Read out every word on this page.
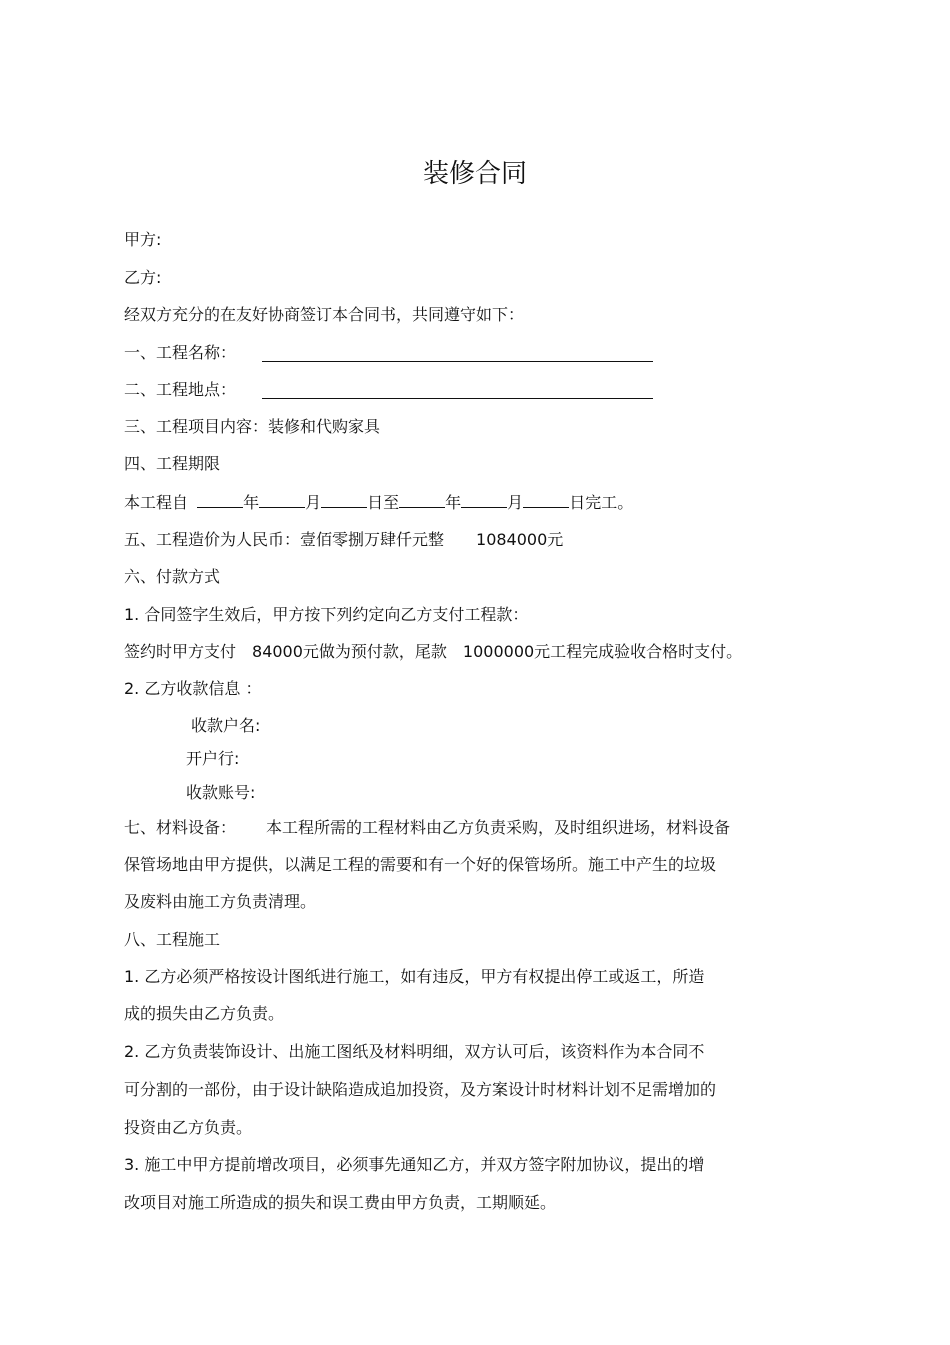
装修合同
甲方:
乙方:
经双方充分的在友好协商签订本合同书，共同遵守如下：
一、工程名称：
二、工程地点：
三、工程项目内容：装修和代购家具
四、工程期限
本工程自	年	月	日至	年	月	日完工。
五、工程造价为人民币：壹佰零捌万肆仟元整 1084000元
六、付款方式
1. 合同签字生效后，甲方按下列约定向乙方支付工程款：
签约时甲方支付 84000元做为预付款，尾款 1000000元工程完成验收合格时支付。
2. 乙方收款信息 ：
收款户名:
开户行:
收款账号:
七、材料设备： 本工程所需的工程材料由乙方负责采购，及时组织进场，材料设备
保管场地由甲方提供，以满足工程的需要和有一个好的保管场所。施工中产生的垃圾
及废料由施工方负责清理。
八、工程施工
1. 乙方必须严格按设计图纸进行施工，如有违反，甲方有权提出停工或返工，所造
成的损失由乙方负责。
2. 乙方负责装饰设计、出施工图纸及材料明细，双方认可后，该资料作为本合同不
可分割的一部份，由于设计缺陷造成追加投资，及方案设计时材料计划不足需增加的
投资由乙方负责。
3. 施工中甲方提前增改项目，必须事先通知乙方，并双方签字附加协议，提出的增
改项目对施工所造成的损失和误工费由甲方负责，工期顺延。
